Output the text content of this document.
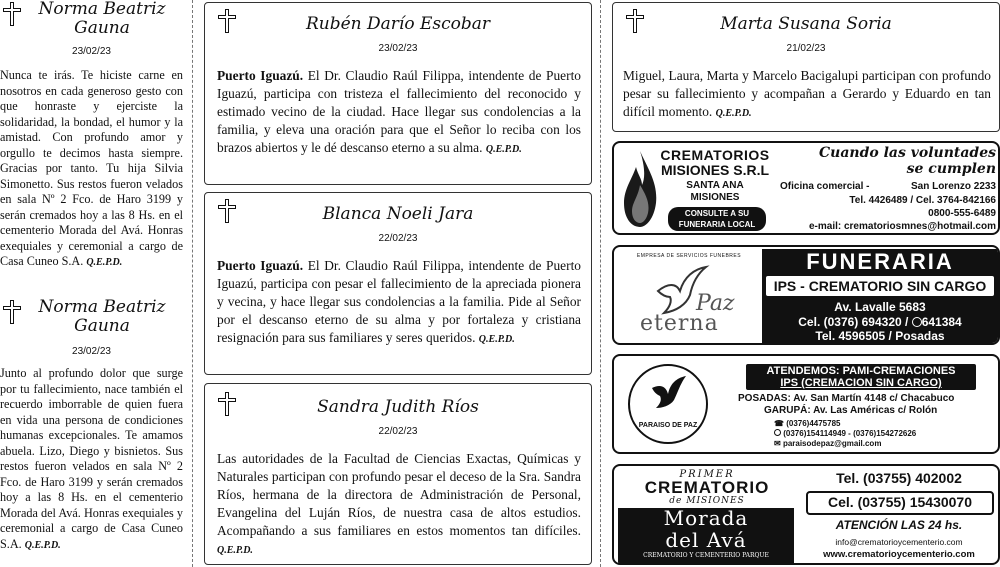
Norma Beatriz
Gauna
23/02/23
Nunca te irás. Te hiciste carne en nosotros en cada generoso gesto con que honraste y ejerciste la solidaridad, la bondad, el humor y la amistad. Con profundo amor y orgullo te decimos hasta siempre. Gracias por tanto. Tu hija Silvia Simonetto. Sus restos fueron velados en sala Nº 2 Fco. de Haro 3199 y serán cremados hoy a las 8 Hs. en el cementerio Morada del Avá. Honras exequiales y ceremonial a cargo de Casa Cuneo S.A. Q.E.P.D.
Norma Beatriz
Gauna
23/02/23
Junto al profundo dolor que surge por tu fallecimiento, nace también el recuerdo imborrable de quien fuera en vida una persona de condiciones humanas excepcionales. Te amamos abuela. Lizo, Diego y bisnietos. Sus restos fueron velados en sala Nº 2 Fco. de Haro 3199 y serán cremados hoy a las 8 Hs. en el cementerio Morada del Avá. Honras exequiales y ceremonial a cargo de Casa Cuneo S.A. Q.E.P.D.
Rubén Darío Escobar
23/02/23
Puerto Iguazú. El Dr. Claudio Raúl Filippa, intendente de Puerto Iguazú, participa con tristeza el fallecimiento del reconocido y estimado vecino de la ciudad. Hace llegar sus condolencias a la familia, y eleva una oración para que el Señor lo reciba con los brazos abiertos y le dé descanso eterno a su alma. Q.E.P.D.
Blanca Noeli Jara
22/02/23
Puerto Iguazú. El Dr. Claudio Raúl Filippa, intendente de Puerto Iguazú, participa con pesar el fallecimiento de la apreciada pionera y vecina, y hace llegar sus condolencias a la familia. Pide al Señor por el descanso eterno de su alma y por fortaleza y cristiana resignación para sus familiares y seres queridos. Q.E.P.D.
Sandra Judith Ríos
22/02/23
Las autoridades de la Facultad de Ciencias Exactas, Químicas y Naturales participan con profundo pesar el deceso de la Sra. Sandra Ríos, hermana de la directora de Administración de Personal, Evangelina del Luján Ríos, de nuestra casa de altos estudios. Acompañando a sus familiares en estos momentos tan difíciles. Q.E.P.D.
Marta Susana Soria
21/02/23
Miguel, Laura, Marta y Marcelo Bacigalupi participan con profundo pesar su fallecimiento y acompañan a Gerardo y Eduardo en tan difícil momento. Q.E.P.D.
CREMATORIOS
MISIONES S.R.L
SANTA ANA
MISIONES
CONSULTE A SU
FUNERARIA LOCAL
Cuando las voluntades
se cumplen
Oficina comercial -	San Lorenzo 2233
Tel. 4426489 / Cel. 3764-842166
0800-555-6489
e-mail: crematoriosmnes@hotmail.com
EMPRESA DE SERVICIOS FUNEBRES
Paz
eterna
FUNERARIA
IPS - CREMATORIO SIN CARGO
Av. Lavalle 5683
Cel. (0376) 694320 / 641384
Tel. 4596505 / Posadas
PARAISO DE PAZ
ATENDEMOS: PAMI-CREMACIONES
IPS (CREMACION SIN CARGO)
POSADAS: Av. San Martín 4148 c/ Chacabuco
GARUPÁ: Av. Las Américas c/ Rolón
☎ (0376)4475785
(0376)154114949 - (0376)154272626
✉ paraisodepaz@gmail.com
PRIMER
CREMATORIO
de MISIONES
Morada
del Avá
CREMATORIO Y CEMENTERIO PARQUE
Tel. (03755) 402002
Cel. (03755) 15430070
ATENCIÓN LAS 24 hs.
info@crematorioycementerio.com
www.crematorioycementerio.com
